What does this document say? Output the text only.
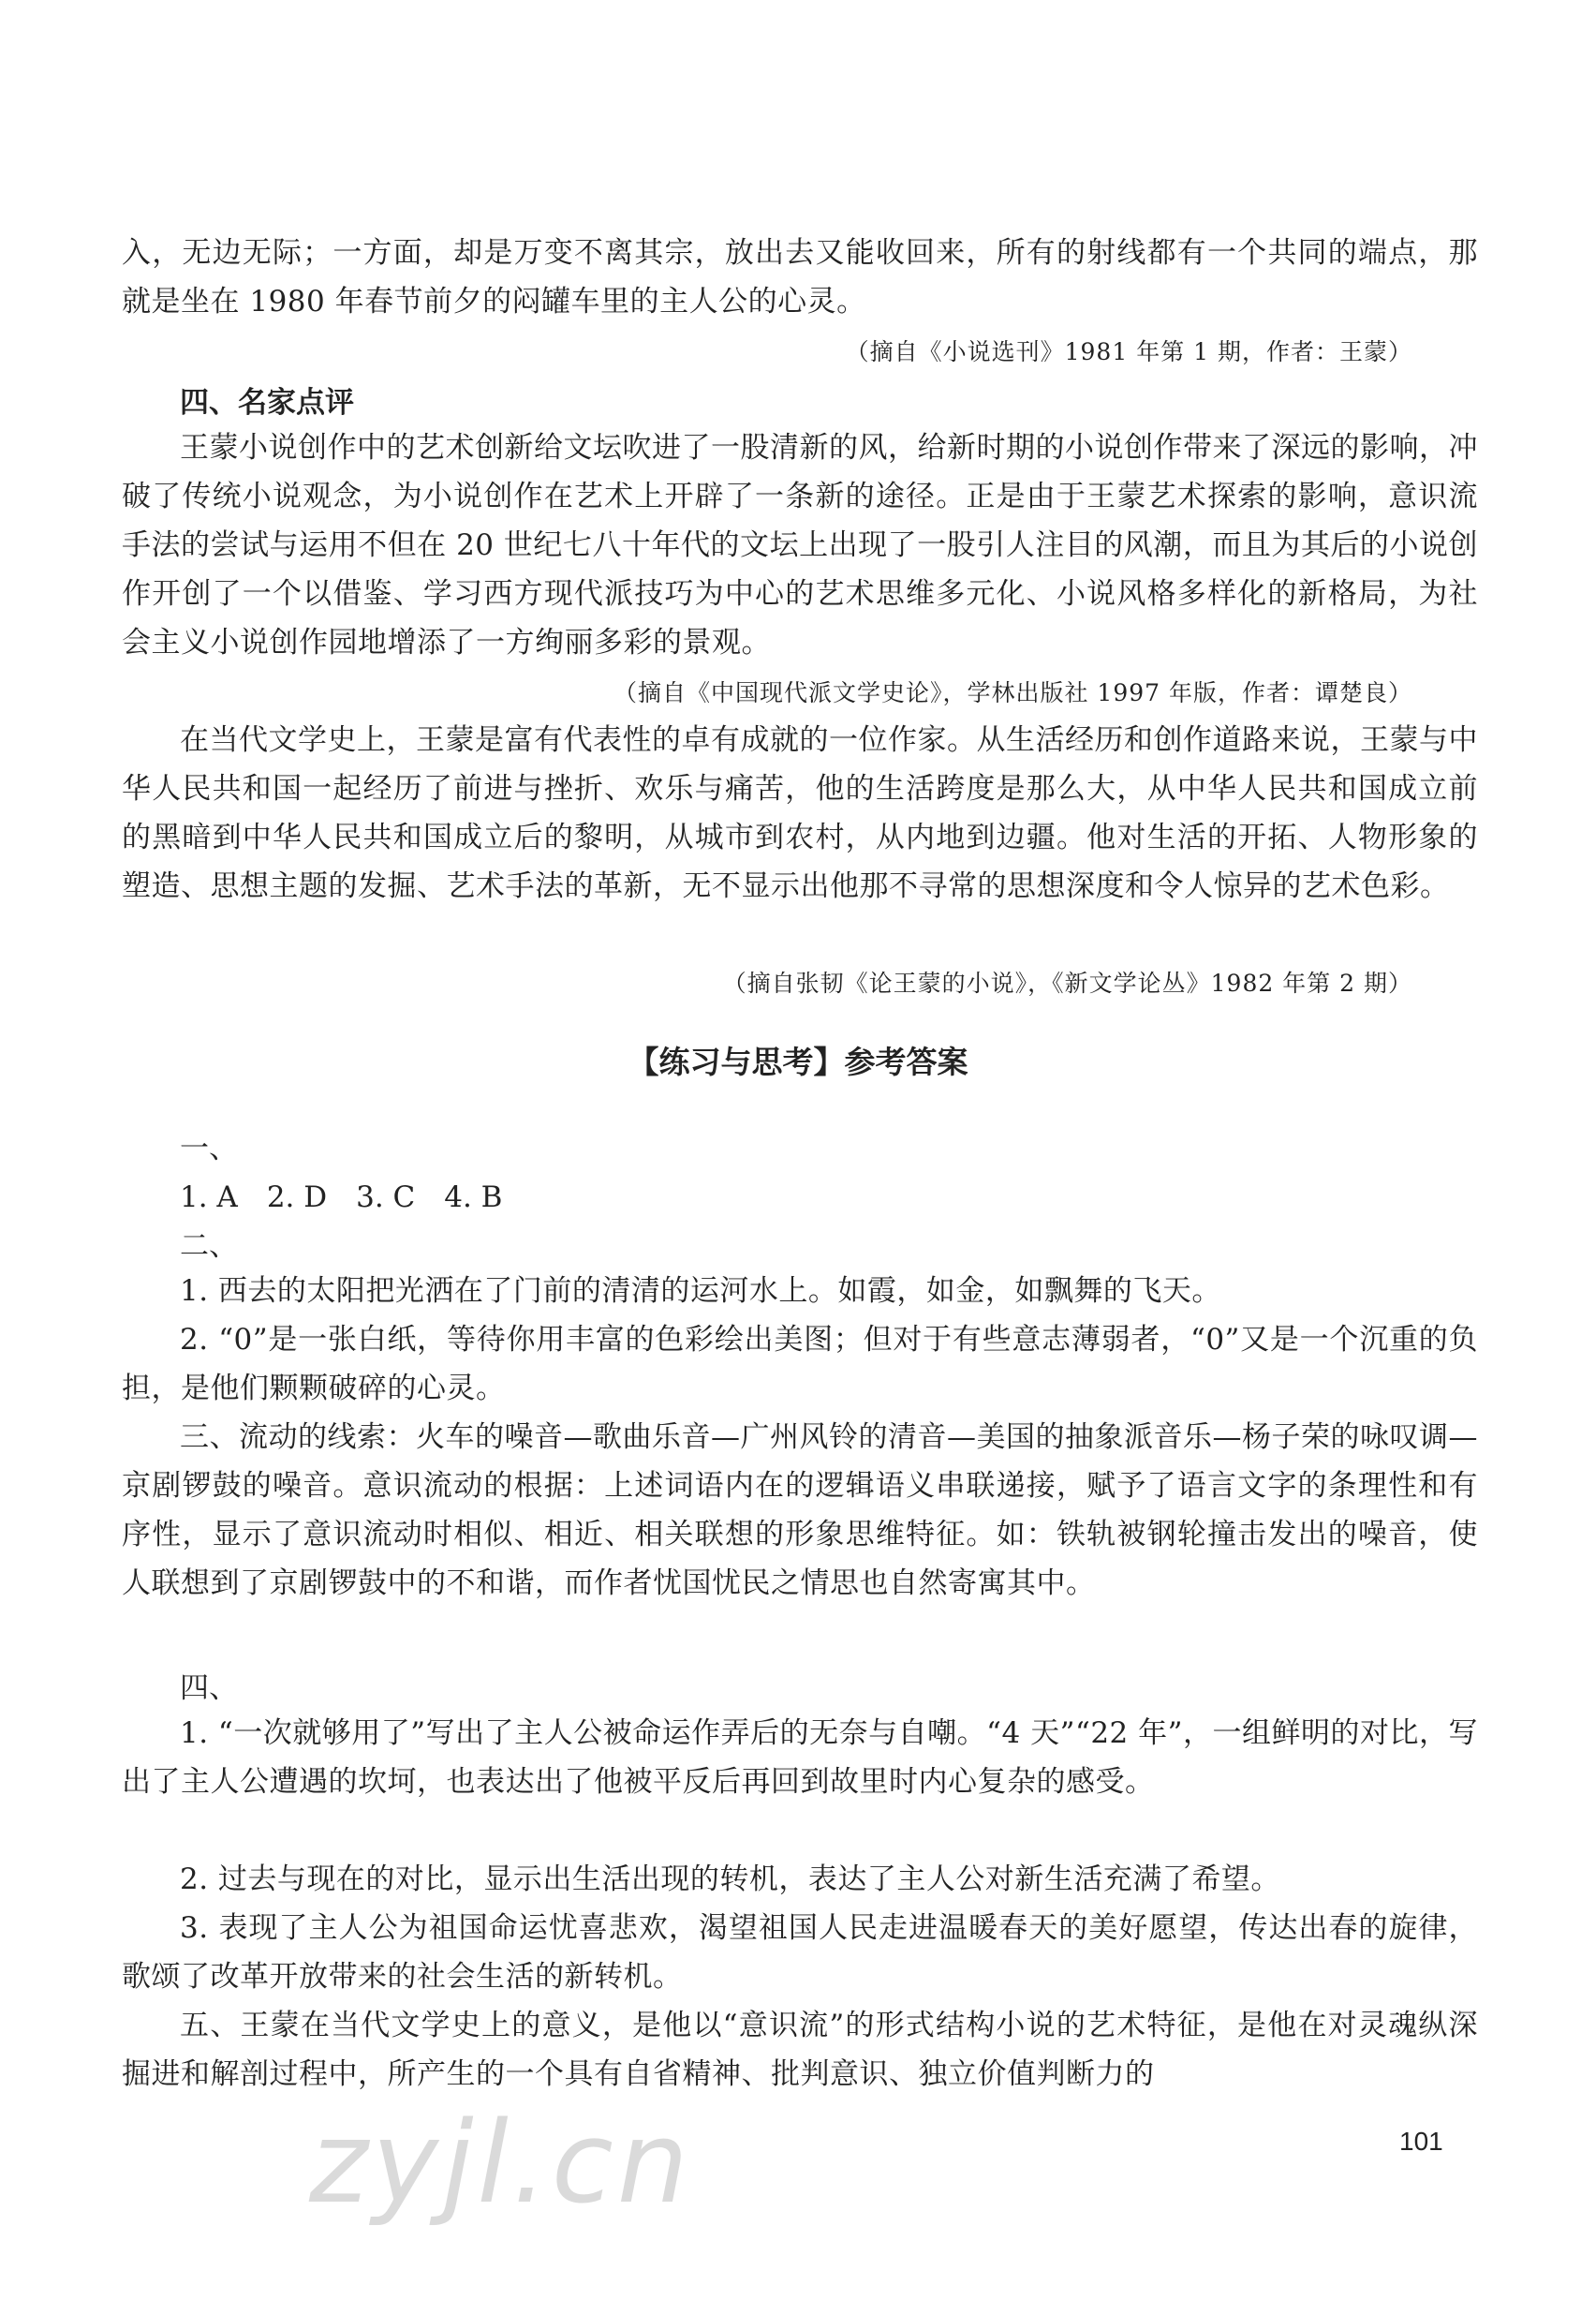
入，无边无际；一方面，却是万变不离其宗，放出去又能收回来，所有的射线都有一个共同的端点，那就是坐在 1980 年春节前夕的闷罐车里的主人公的心灵。

（摘自《小说选刊》1981 年第 1 期，作者：王蒙）

四、名家点评

王蒙小说创作中的艺术创新给文坛吹进了一股清新的风，给新时期的小说创作带来了深远的影响，冲破了传统小说观念，为小说创作在艺术上开辟了一条新的途径。正是由于王蒙艺术探索的影响，意识流手法的尝试与运用不但在 20 世纪七八十年代的文坛上出现了一股引人注目的风潮，而且为其后的小说创作开创了一个以借鉴、学习西方现代派技巧为中心的艺术思维多元化、小说风格多样化的新格局，为社会主义小说创作园地增添了一方绚丽多彩的景观。

（摘自《中国现代派文学史论》，学林出版社 1997 年版，作者：谭楚良）

在当代文学史上，王蒙是富有代表性的卓有成就的一位作家。从生活经历和创作道路来说，王蒙与中华人民共和国一起经历了前进与挫折、欢乐与痛苦，他的生活跨度是那么大，从中华人民共和国成立前的黑暗到中华人民共和国成立后的黎明，从城市到农村，从内地到边疆。他对生活的开拓、人物形象的塑造、思想主题的发掘、艺术手法的革新，无不显示出他那不寻常的思想深度和令人惊异的艺术色彩。

（摘自张韧《论王蒙的小说》，《新文学论丛》1982 年第 2 期）

【练习与思考】参考答案

一、

1. A　2. D　3. C　4. B

二、

1. 西去的太阳把光洒在了门前的清清的运河水上。如霞，如金，如飘舞的飞天。

2. “0”是一张白纸，等待你用丰富的色彩绘出美图；但对于有些意志薄弱者，“0”又是一个沉重的负担，是他们颗颗破碎的心灵。

三、流动的线索：火车的噪音—歌曲乐音—广州风铃的清音—美国的抽象派音乐—杨子荣的咏叹调—京剧锣鼓的噪音。意识流动的根据：上述词语内在的逻辑语义串联递接，赋予了语言文字的条理性和有序性，显示了意识流动时相似、相近、相关联想的形象思维特征。如：铁轨被钢轮撞击发出的噪音，使人联想到了京剧锣鼓中的不和谐，而作者忧国忧民之情思也自然寄寓其中。

四、

1. “一次就够用了”写出了主人公被命运作弄后的无奈与自嘲。“4 天”“22 年”，一组鲜明的对比，写出了主人公遭遇的坎坷，也表达出了他被平反后再回到故里时内心复杂的感受。

2. 过去与现在的对比，显示出生活出现的转机，表达了主人公对新生活充满了希望。

3. 表现了主人公为祖国命运忧喜悲欢，渴望祖国人民走进温暖春天的美好愿望，传达出春的旋律，歌颂了改革开放带来的社会生活的新转机。

五、王蒙在当代文学史上的意义，是他以“意识流”的形式结构小说的艺术特征，是他在对灵魂纵深掘进和解剖过程中，所产生的一个具有自省精神、批判意识、独立价值判断力的

zyjl.cn	101
